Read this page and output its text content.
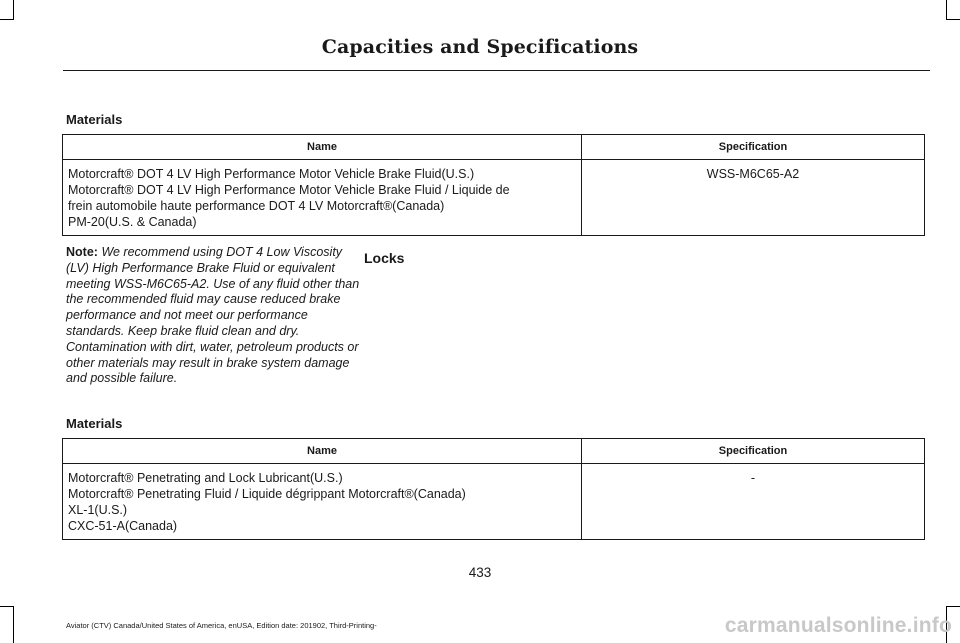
Capacities and Specifications
Materials
Name	Specification

Motorcraft® DOT 4 LV High Performance Motor Vehicle Brake Fluid(U.S.)
Motorcraft® DOT 4 LV High Performance Motor Vehicle Brake Fluid / Liquide de
frein automobile haute performance DOT 4 LV Motorcraft®(Canada)
PM-20(U.S. & Canada)	WSS-M6C65-A2
Note: We recommend using DOT 4 Low Viscosity (LV) High Performance Brake Fluid or equivalent meeting WSS-M6C65-A2. Use of any fluid other than the recommended fluid may cause reduced brake performance and not meet our performance standards. Keep brake fluid clean and dry. Contamination with dirt, water, petroleum products or other materials may result in brake system damage and possible failure.
Locks
Materials
Name	Specification

Motorcraft® Penetrating and Lock Lubricant(U.S.)
Motorcraft® Penetrating Fluid / Liquide dégrippant Motorcraft®(Canada)
XL-1(U.S.)
CXC-51-A(Canada)	-
433
Aviator (CTV) Canada/United States of America, enUSA, Edition date: 201902, Third-Printing-	carmanualsonline.info
